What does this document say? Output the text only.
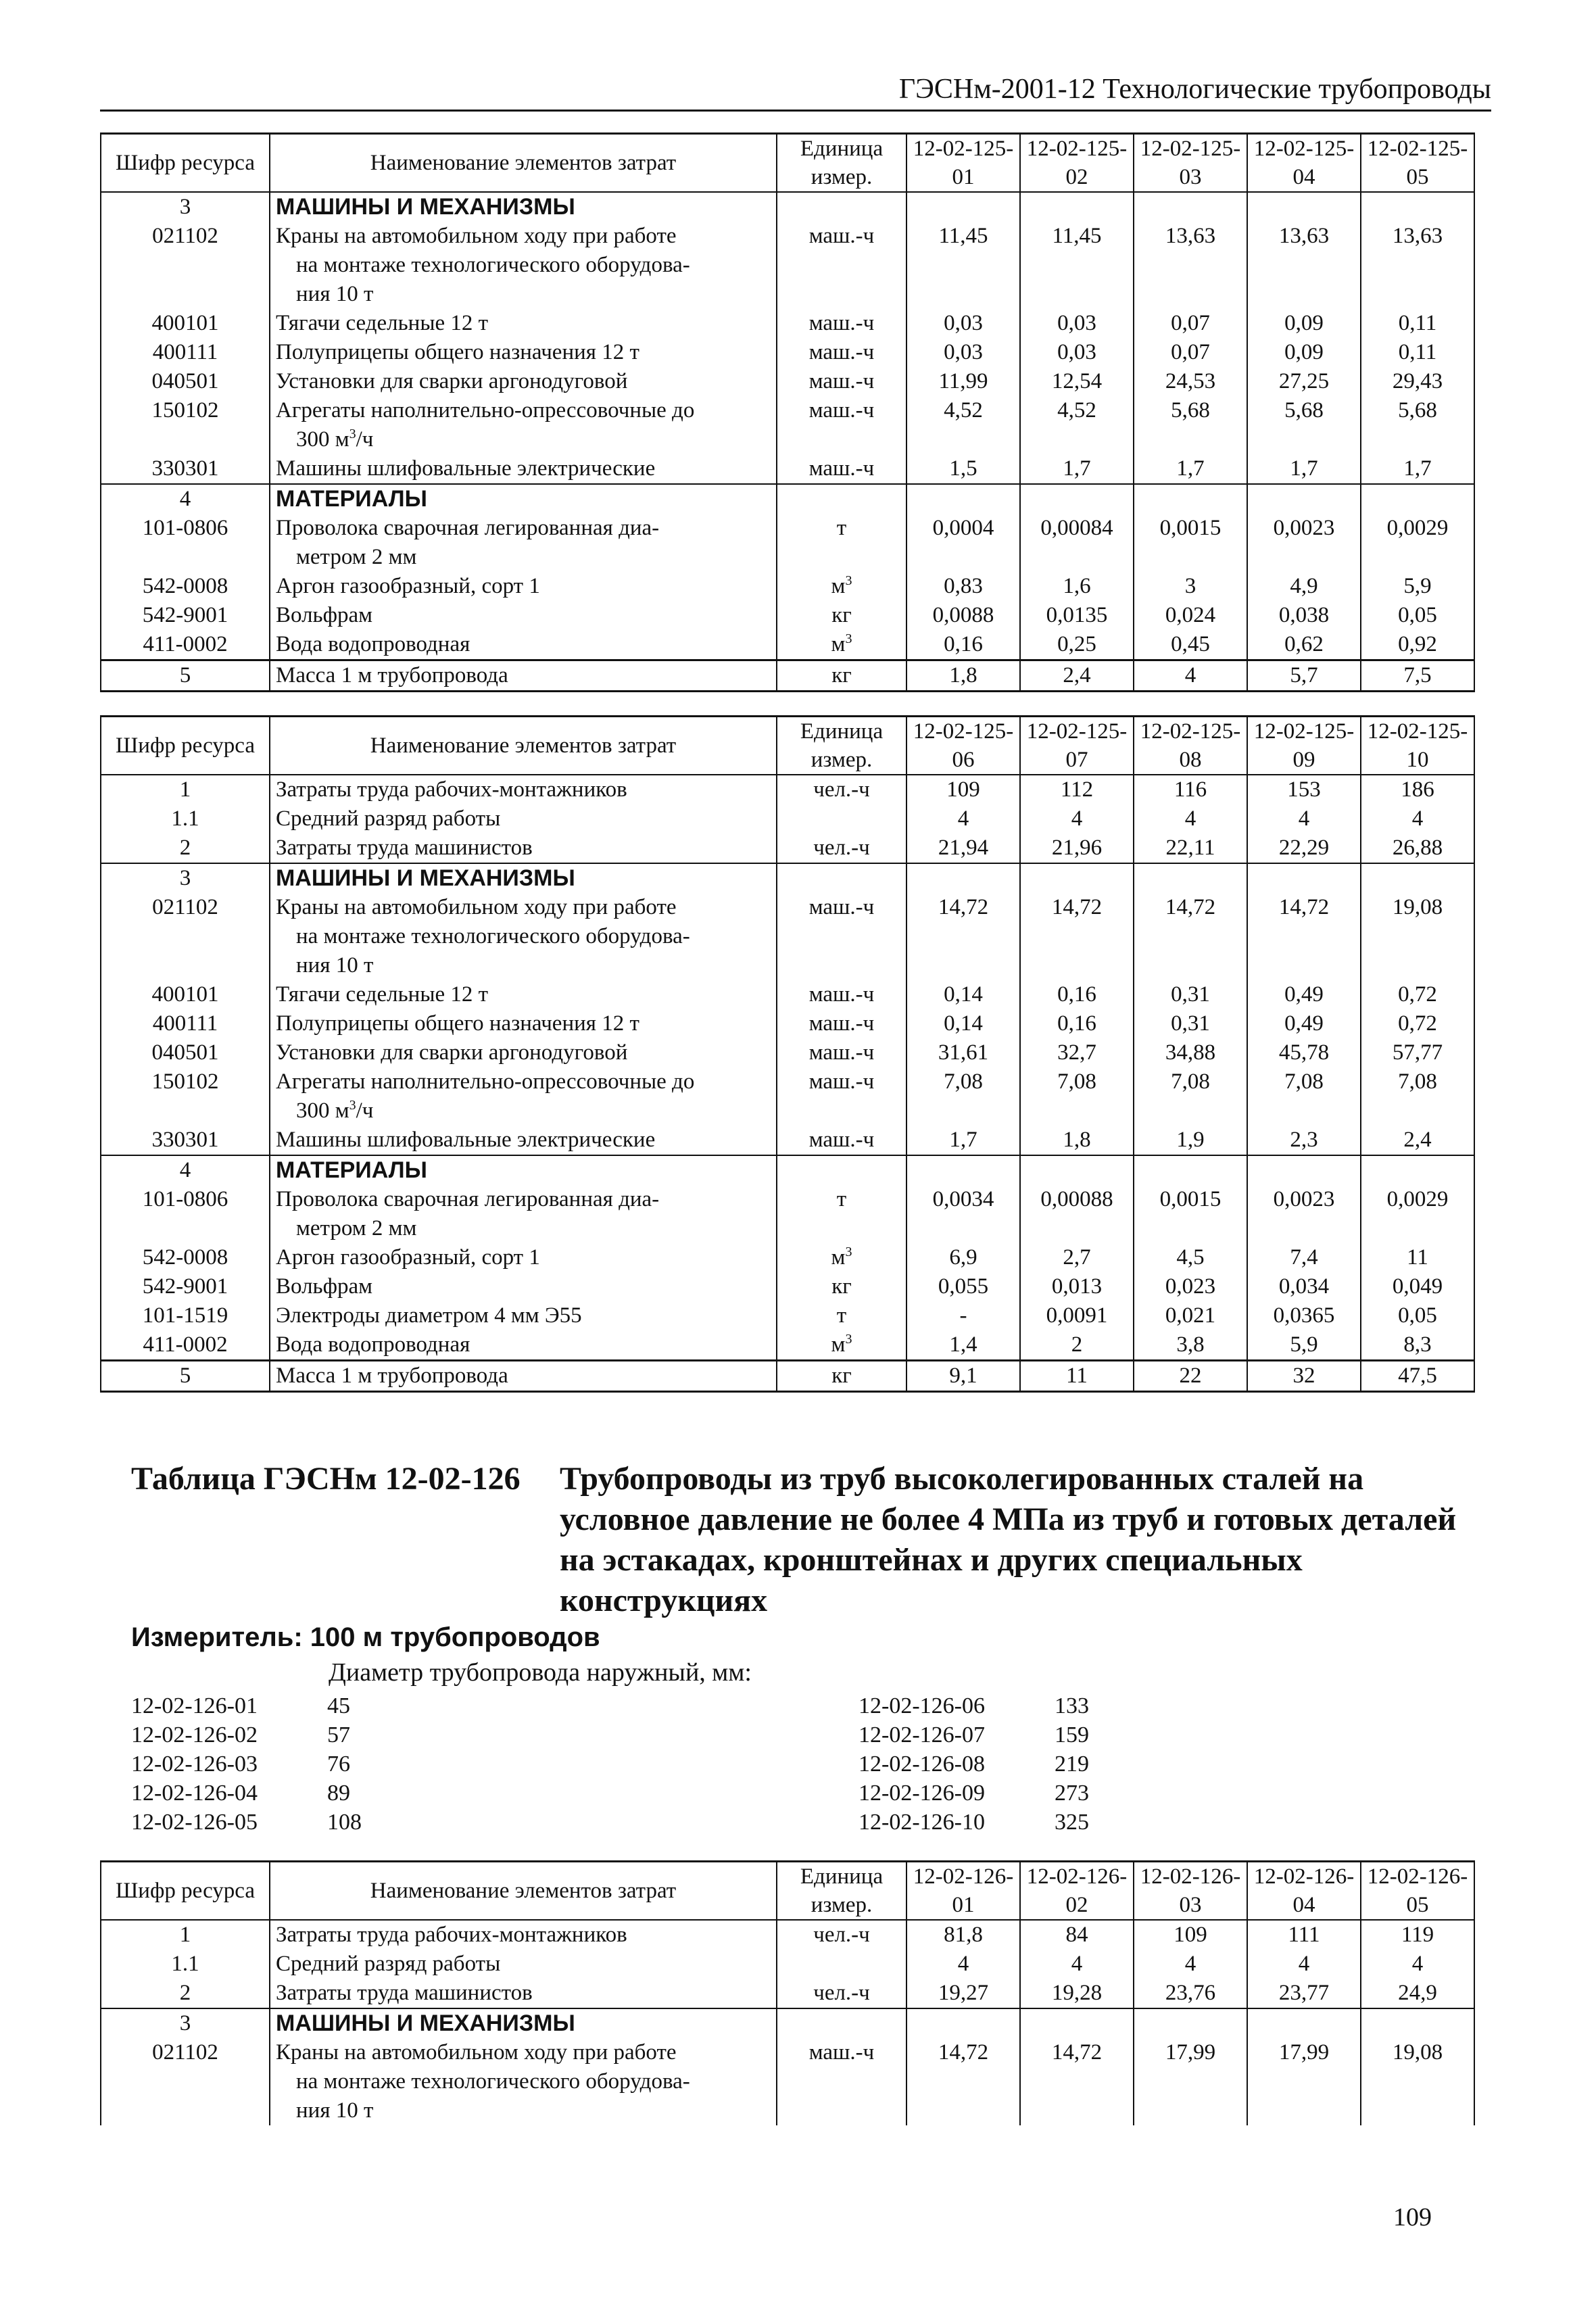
ГЭСНм-2001-12 Технологические трубопроводы
Шифр ресурса	Наименование элементов затрат	Единица измер.	12-02-125-01	12-02-125-02	12-02-125-03	12-02-125-04	12-02-125-05
3	МАШИНЫ И МЕХАНИЗМЫ						
021102	Краны на автомобильном ходу при работе
на монтаже технологического оборудова-
ния 10 т	маш.-ч	11,45	11,45	13,63	13,63	13,63
400101	Тягачи седельные 12 т	маш.-ч	0,03	0,03	0,07	0,09	0,11
400111	Полуприцепы общего назначения 12 т	маш.-ч	0,03	0,03	0,07	0,09	0,11
040501	Установки для сварки аргонодуговой	маш.-ч	11,99	12,54	24,53	27,25	29,43
150102	Агрегаты наполнительно-опрессовочные до
300 $м^3/ч$	маш.-ч	4,52	4,52	5,68	5,68	5,68
330301	Машины шлифовальные электрические	маш.-ч	1,5	1,7	1,7	1,7	1,7
4	МАТЕРИАЛЫ						
101-0806	Проволока сварочная легированная диа-
метром 2 мм	т	0,0004	0,00084	0,0015	0,0023	0,0029
542-0008	Аргон газообразный, сорт 1	$м^3$	0,83	1,6	3	4,9	5,9
542-9001	Вольфрам	кг	0,0088	0,0135	0,024	0,038	0,05
411-0002	Вода водопроводная	$м^3$	0,16	0,25	0,45	0,62	0,92
5	Масса 1 м трубопровода	кг	1,8	2,4	4	5,7	7,5
Шифр ресурса	Наименование элементов затрат	Единица измер.	12-02-125-06	12-02-125-07	12-02-125-08	12-02-125-09	12-02-125-10
1	Затраты труда рабочих-монтажников	чел.-ч	109	112	116	153	186
1.1	Средний разряд работы		4	4	4	4	4
2	Затраты труда машинистов	чел.-ч	21,94	21,96	22,11	22,29	26,88
3	МАШИНЫ И МЕХАНИЗМЫ						
021102	Краны на автомобильном ходу при работе
на монтаже технологического оборудова-
ния 10 т	маш.-ч	14,72	14,72	14,72	14,72	19,08
400101	Тягачи седельные 12 т	маш.-ч	0,14	0,16	0,31	0,49	0,72
400111	Полуприцепы общего назначения 12 т	маш.-ч	0,14	0,16	0,31	0,49	0,72
040501	Установки для сварки аргонодуговой	маш.-ч	31,61	32,7	34,88	45,78	57,77
150102	Агрегаты наполнительно-опрессовочные до
300 $м^3/ч$	маш.-ч	7,08	7,08	7,08	7,08	7,08
330301	Машины шлифовальные электрические	маш.-ч	1,7	1,8	1,9	2,3	2,4
4	МАТЕРИАЛЫ						
101-0806	Проволока сварочная легированная диа-
метром 2 мм	т	0,0034	0,00088	0,0015	0,0023	0,0029
542-0008	Аргон газообразный, сорт 1	$м^3$	6,9	2,7	4,5	7,4	11
542-9001	Вольфрам	кг	0,055	0,013	0,023	0,034	0,049
101-1519	Электроды диаметром 4 мм Э55	т	-	0,0091	0,021	0,0365	0,05
411-0002	Вода водопроводная	$м^3$	1,4	2	3,8	5,9	8,3
5	Масса 1 м трубопровода	кг	9,1	11	22	32	47,5
Таблица ГЭСНм 12-02-126	Трубопроводы из труб высоколегированных сталей на условное давление не более 4 МПа из труб и готовых деталей на эстакадах, кронштейнах и других специальных конструкциях
Измеритель: 100 м трубопроводов
Диаметр трубопровода наружный, мм:
12-02-126-01	45
12-02-126-02	57
12-02-126-03	76
12-02-126-04	89
12-02-126-05	108
12-02-126-06	133
12-02-126-07	159
12-02-126-08	219
12-02-126-09	273
12-02-126-10	325
Шифр ресурса	Наименование элементов затрат	Единица измер.	12-02-126-01	12-02-126-02	12-02-126-03	12-02-126-04	12-02-126-05
1	Затраты труда рабочих-монтажников	чел.-ч	81,8	84	109	111	119
1.1	Средний разряд работы		4	4	4	4	4
2	Затраты труда машинистов	чел.-ч	19,27	19,28	23,76	23,77	24,9
3	МАШИНЫ И МЕХАНИЗМЫ						
021102	Краны на автомобильном ходу при работе
на монтаже технологического оборудова-
ния 10 т	маш.-ч	14,72	14,72	17,99	17,99	19,08
109
